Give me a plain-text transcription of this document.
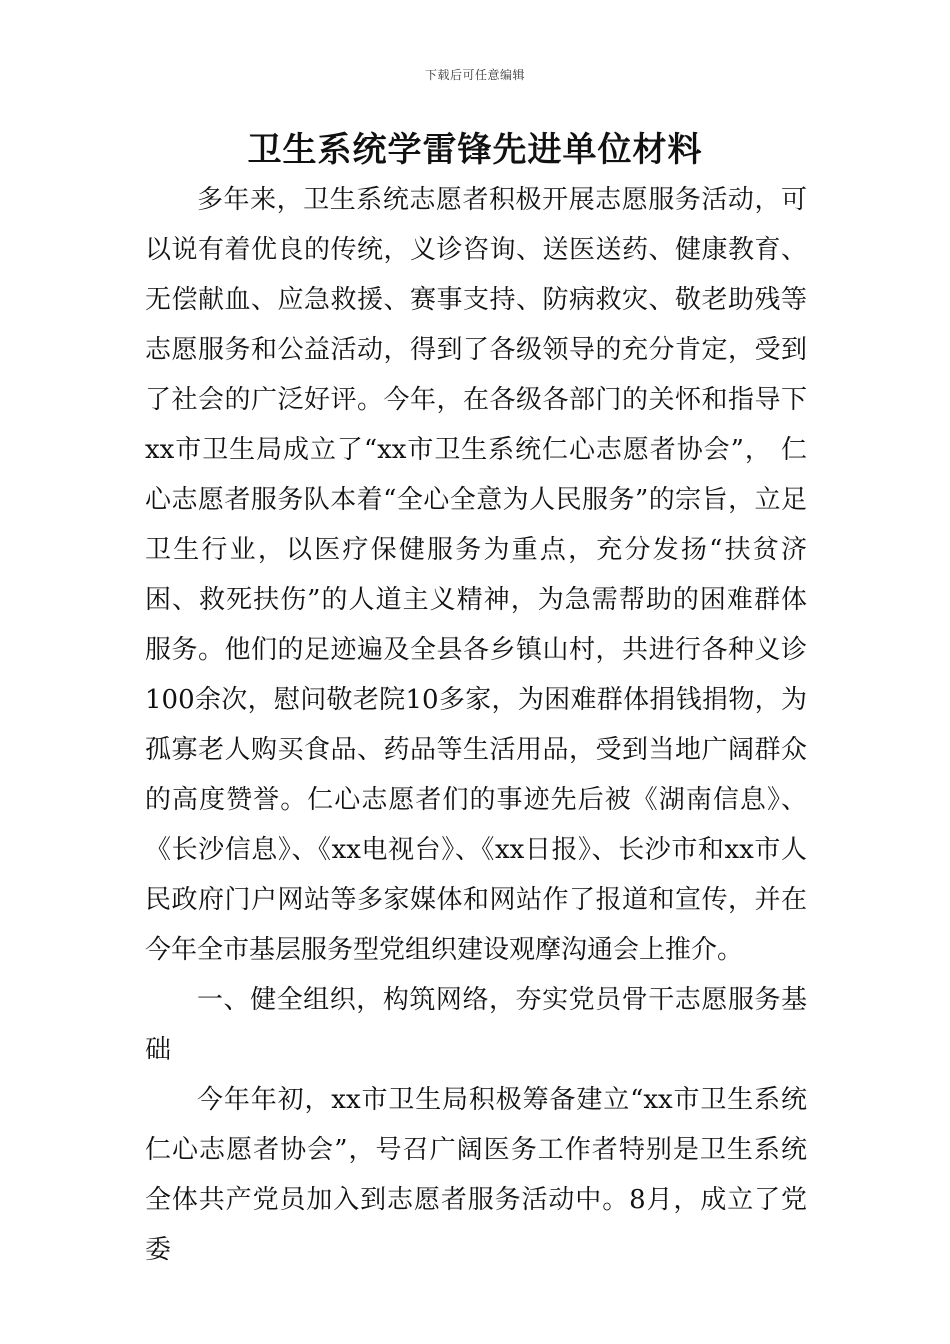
下载后可任意编辑
卫生系统学雷锋先进单位材料

多年来，卫生系统志愿者积极开展志愿服务活动，可以说有着优良的传统，义诊咨询、送医送药、健康教育、无偿献血、应急救援、赛事支持、防病救灾、敬老助残等志愿服务和公益活动，得到了各级领导的充分肯定，受到了社会的广泛好评。今年，在各级各部门的关怀和指导下xx市卫生局成立了“xx市卫生系统仁心志愿者协会”， 仁心志愿者服务队本着“全心全意为人民服务”的宗旨，立足卫生行业，以医疗保健服务为重点，充分发扬“扶贫济困、救死扶伤”的人道主义精神，为急需帮助的困难群体服务。他们的足迹遍及全县各乡镇山村，共进行各种义诊100余次，慰问敬老院10多家，为困难群体捐钱捐物，为孤寡老人购买食品、药品等生活用品，受到当地广阔群众的高度赞誉。仁心志愿者们的事迹先后被《湖南信息》、《长沙信息》、《xx电视台》、《xx日报》、长沙市和xx市人民政府门户网站等多家媒体和网站作了报道和宣传，并在今年全市基层服务型党组织建设观摩沟通会上推介。

一、健全组织，构筑网络，夯实党员骨干志愿服务基础

今年年初，xx市卫生局积极筹备建立“xx市卫生系统仁心志愿者协会”，号召广阔医务工作者特别是卫生系统全体共产党员加入到志愿者服务活动中。8月，成立了党委
